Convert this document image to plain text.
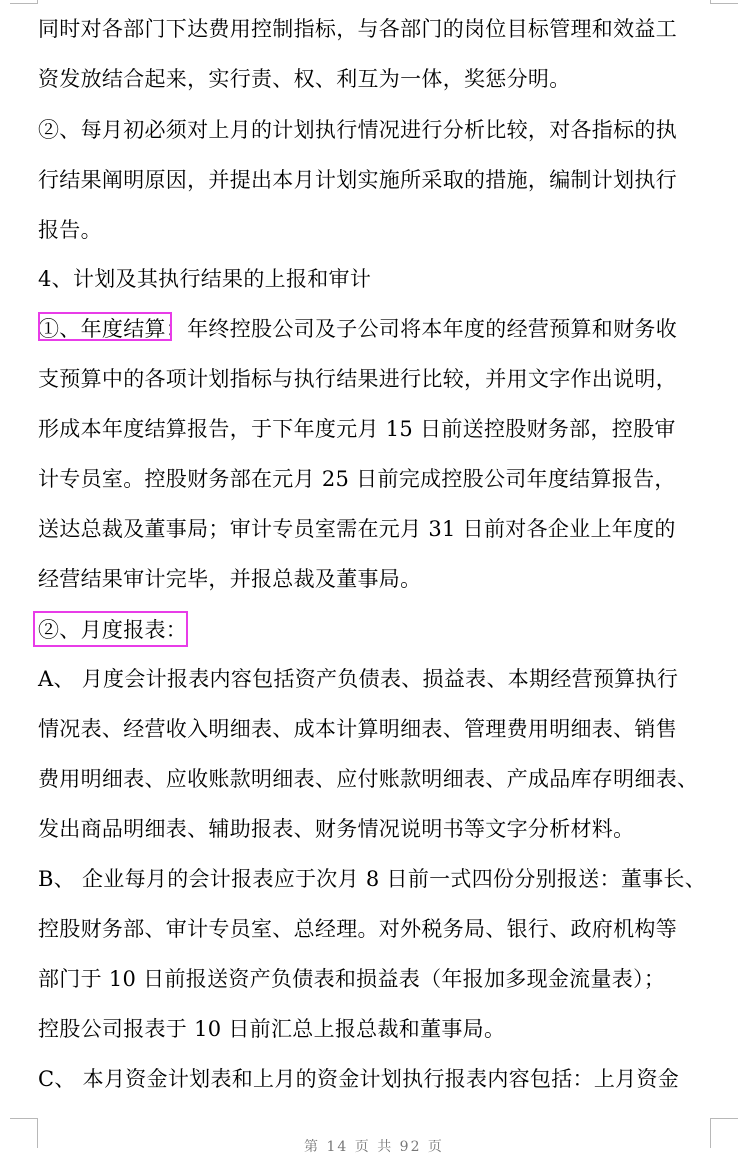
同时对各部门下达费用控制指标，与各部门的岗位目标管理和效益工
资发放结合起来，实行责、权、利互为一体，奖惩分明。
②、每月初必须对上月的计划执行情况进行分析比较，对各指标的执
行结果阐明原因，并提出本月计划实施所采取的措施，编制计划执行
报告。
4、计划及其执行结果的上报和审计
①、年度结算：年终控股公司及子公司将本年度的经营预算和财务收
支预算中的各项计划指标与执行结果进行比较，并用文字作出说明，
形成本年度结算报告，于下年度元月 15 日前送控股财务部，控股审
计专员室。控股财务部在元月 25 日前完成控股公司年度结算报告，
送达总裁及董事局；审计专员室需在元月 31 日前对各企业上年度的
经营结果审计完毕，并报总裁及董事局。
②、月度报表：
A、 月度会计报表内容包括资产负债表、损益表、本期经营预算执行
情况表、经营收入明细表、成本计算明细表、管理费用明细表、销售
费用明细表、应收账款明细表、应付账款明细表、产成品库存明细表、
发出商品明细表、辅助报表、财务情况说明书等文字分析材料。
B、 企业每月的会计报表应于次月 8 日前一式四份分别报送：董事长、
控股财务部、审计专员室、总经理。对外税务局、银行、政府机构等
部门于 10 日前报送资产负债表和损益表（年报加多现金流量表）；
控股公司报表于 10 日前汇总上报总裁和董事局。
C、 本月资金计划表和上月的资金计划执行报表内容包括：上月资金
第 14 页 共 92 页
